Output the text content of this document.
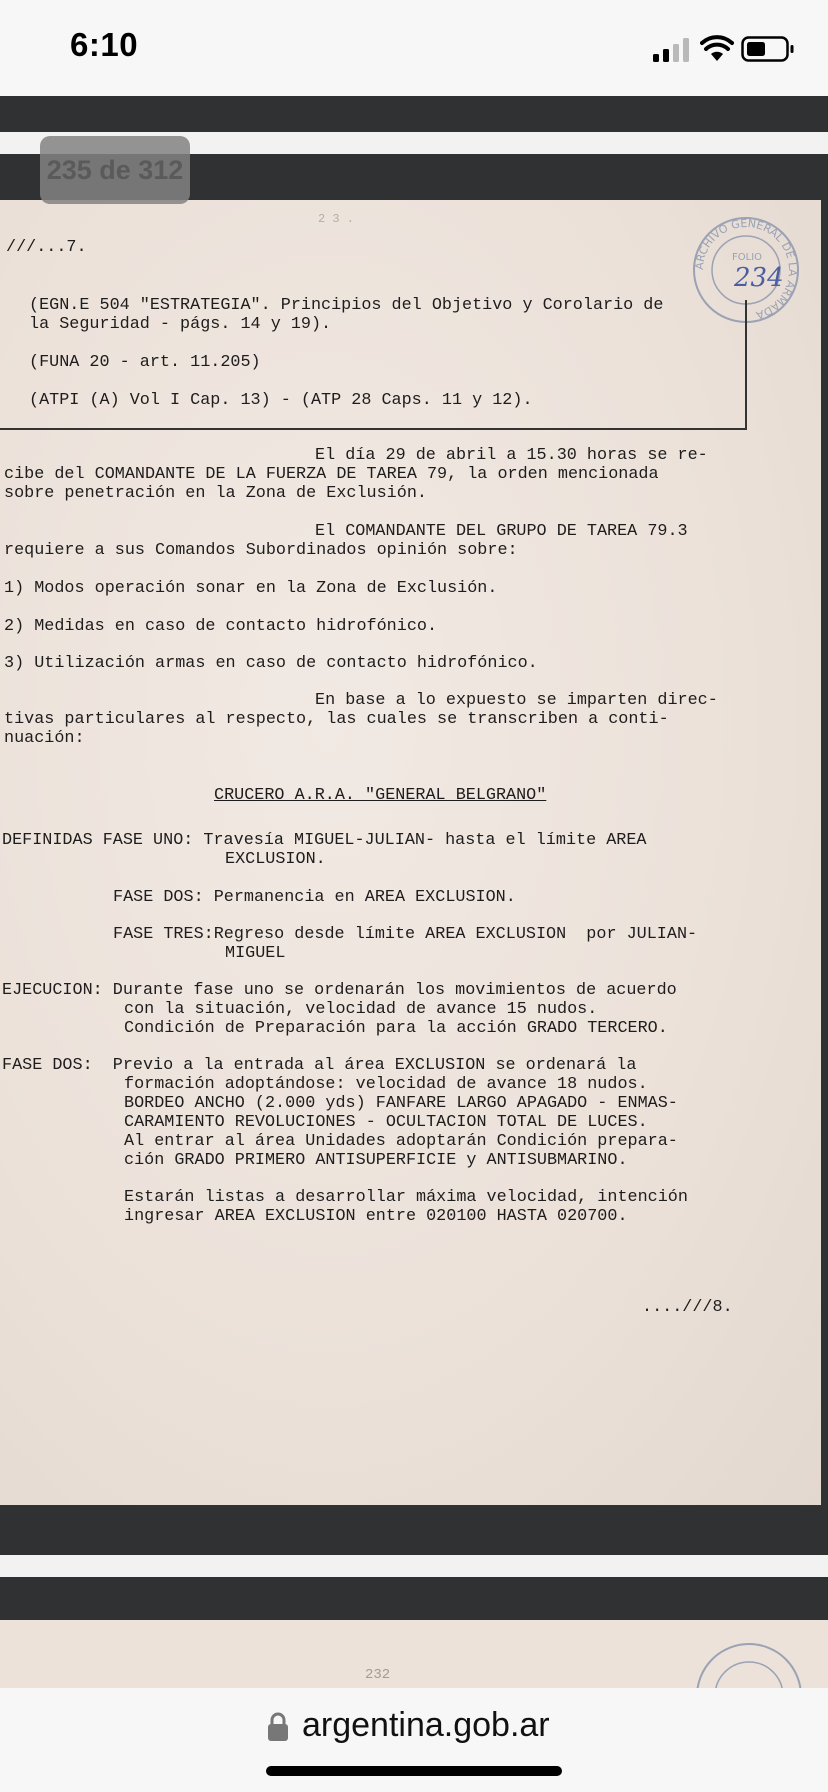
6:10
ARCHIVO GENERAL DE LA ARMADA
FOLIO
234
2 3 .
///...7.
(EGN.E 504 "ESTRATEGIA". Principios del Objetivo y Corolario de
la Seguridad - págs. 14 y 19).
(FUNA 20 - art. 11.205)
(ATPI (A) Vol I Cap. 13) - (ATP 28 Caps. 11 y 12).
El día 29 de abril a 15.30 horas se re-
cibe del COMANDANTE DE LA FUERZA DE TAREA 79, la orden mencionada
sobre penetración en la Zona de Exclusión.
El COMANDANTE DEL GRUPO DE TAREA 79.3
requiere a sus Comandos Subordinados opinión sobre:
1) Modos operación sonar en la Zona de Exclusión.
2) Medidas en caso de contacto hidrofónico.
3) Utilización armas en caso de contacto hidrofónico.
En base a lo expuesto se imparten direc-
tivas particulares al respecto, las cuales se transcriben a conti-
nuación:
CRUCERO A.R.A. "GENERAL BELGRANO"
DEFINIDAS FASE UNO: Travesía MIGUEL-JULIAN- hasta el límite AREA
EXCLUSION.
FASE DOS: Permanencia en AREA EXCLUSION.
FASE TRES:Regreso desde límite AREA EXCLUSION  por JULIAN-
MIGUEL
EJECUCION: Durante fase uno se ordenarán los movimientos de acuerdo
con la situación, velocidad de avance 15 nudos.
Condición de Preparación para la acción GRADO TERCERO.
FASE DOS:  Previo a la entrada al área EXCLUSION se ordenará la
formación adoptándose: velocidad de avance 18 nudos.
BORDEO ANCHO (2.000 yds) FANFARE LARGO APAGADO - ENMAS-
CARAMIENTO REVOLUCIONES - OCULTACION TOTAL DE LUCES.
Al entrar al área Unidades adoptarán Condición prepara-
ción GRADO PRIMERO ANTISUPERFICIE y ANTISUBMARINO.
Estarán listas a desarrollar máxima velocidad, intención
ingresar AREA EXCLUSION entre 020100 HASTA 020700.
....///8.
232
235 de 312
argentina.gob.ar
